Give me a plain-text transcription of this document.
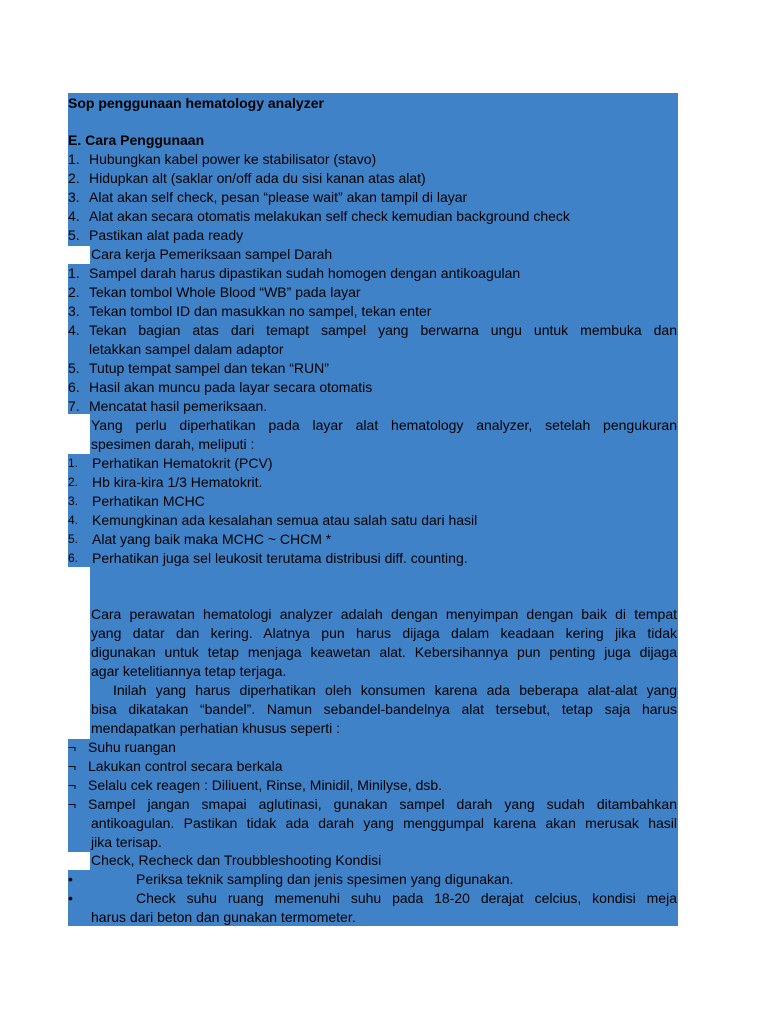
Sop penggunaan hematology analyzer
E. Cara Penggunaan
1. Hubungkan kabel power ke stabilisator (stavo)
2. Hidupkan alt (saklar on/off ada du sisi kanan atas alat)
3. Alat akan self check, pesan “please wait” akan tampil di layar
4. Alat akan secara otomatis melakukan self check kemudian background check
5. Pastikan alat pada ready
Cara kerja Pemeriksaan sampel Darah
1. Sampel darah harus dipastikan sudah homogen dengan antikoagulan
2. Tekan tombol Whole Blood “WB” pada layar
3. Tekan tombol ID dan masukkan no sampel, tekan enter
4. Tekan bagian atas dari temapt sampel yang berwarna ungu untuk membuka dan
letakkan sampel dalam adaptor
5. Tutup tempat sampel dan tekan “RUN”
6. Hasil akan muncu pada layar secara otomatis
7. Mencatat hasil pemeriksaan.
Yang perlu diperhatikan pada layar alat hematology analyzer, setelah pengukuran
spesimen darah, meliputi :
1. Perhatikan Hematokrit (PCV)
2. Hb kira-kira 1/3 Hematokrit.
3. Perhatikan MCHC
4. Kemungkinan ada kesalahan semua atau salah satu dari hasil
5. Alat yang baik maka MCHC ~ CHCM *
6. Perhatikan juga sel leukosit terutama distribusi diff. counting.
Cara perawatan hematologi analyzer adalah dengan menyimpan dengan baik di tempat
yang datar dan kering. Alatnya pun harus dijaga dalam keadaan kering jika tidak
digunakan untuk tetap menjaga keawetan alat. Kebersihannya pun penting juga dijaga
agar ketelitiannya tetap terjaga.
Inilah yang harus diperhatikan oleh konsumen karena ada beberapa alat-alat yang
bisa dikatakan “bandel”. Namun sebandel-bandelnya alat tersebut, tetap saja harus
mendapatkan perhatian khusus seperti :
¬ Suhu ruangan
¬ Lakukan control secara berkala
¬ Selalu cek reagen : Diliuent, Rinse, Minidil, Minilyse, dsb.
¬ Sampel jangan smapai aglutinasi, gunakan sampel darah yang sudah ditambahkan
antikoagulan. Pastikan tidak ada darah yang menggumpal karena akan merusak hasil
jika terisap.
Check, Recheck dan Troubbleshooting Kondisi
•	Periksa teknik sampling dan jenis spesimen yang digunakan.
•	Check suhu ruang memenuhi suhu pada 18-20 derajat celcius, kondisi meja
harus dari beton dan gunakan termometer.
